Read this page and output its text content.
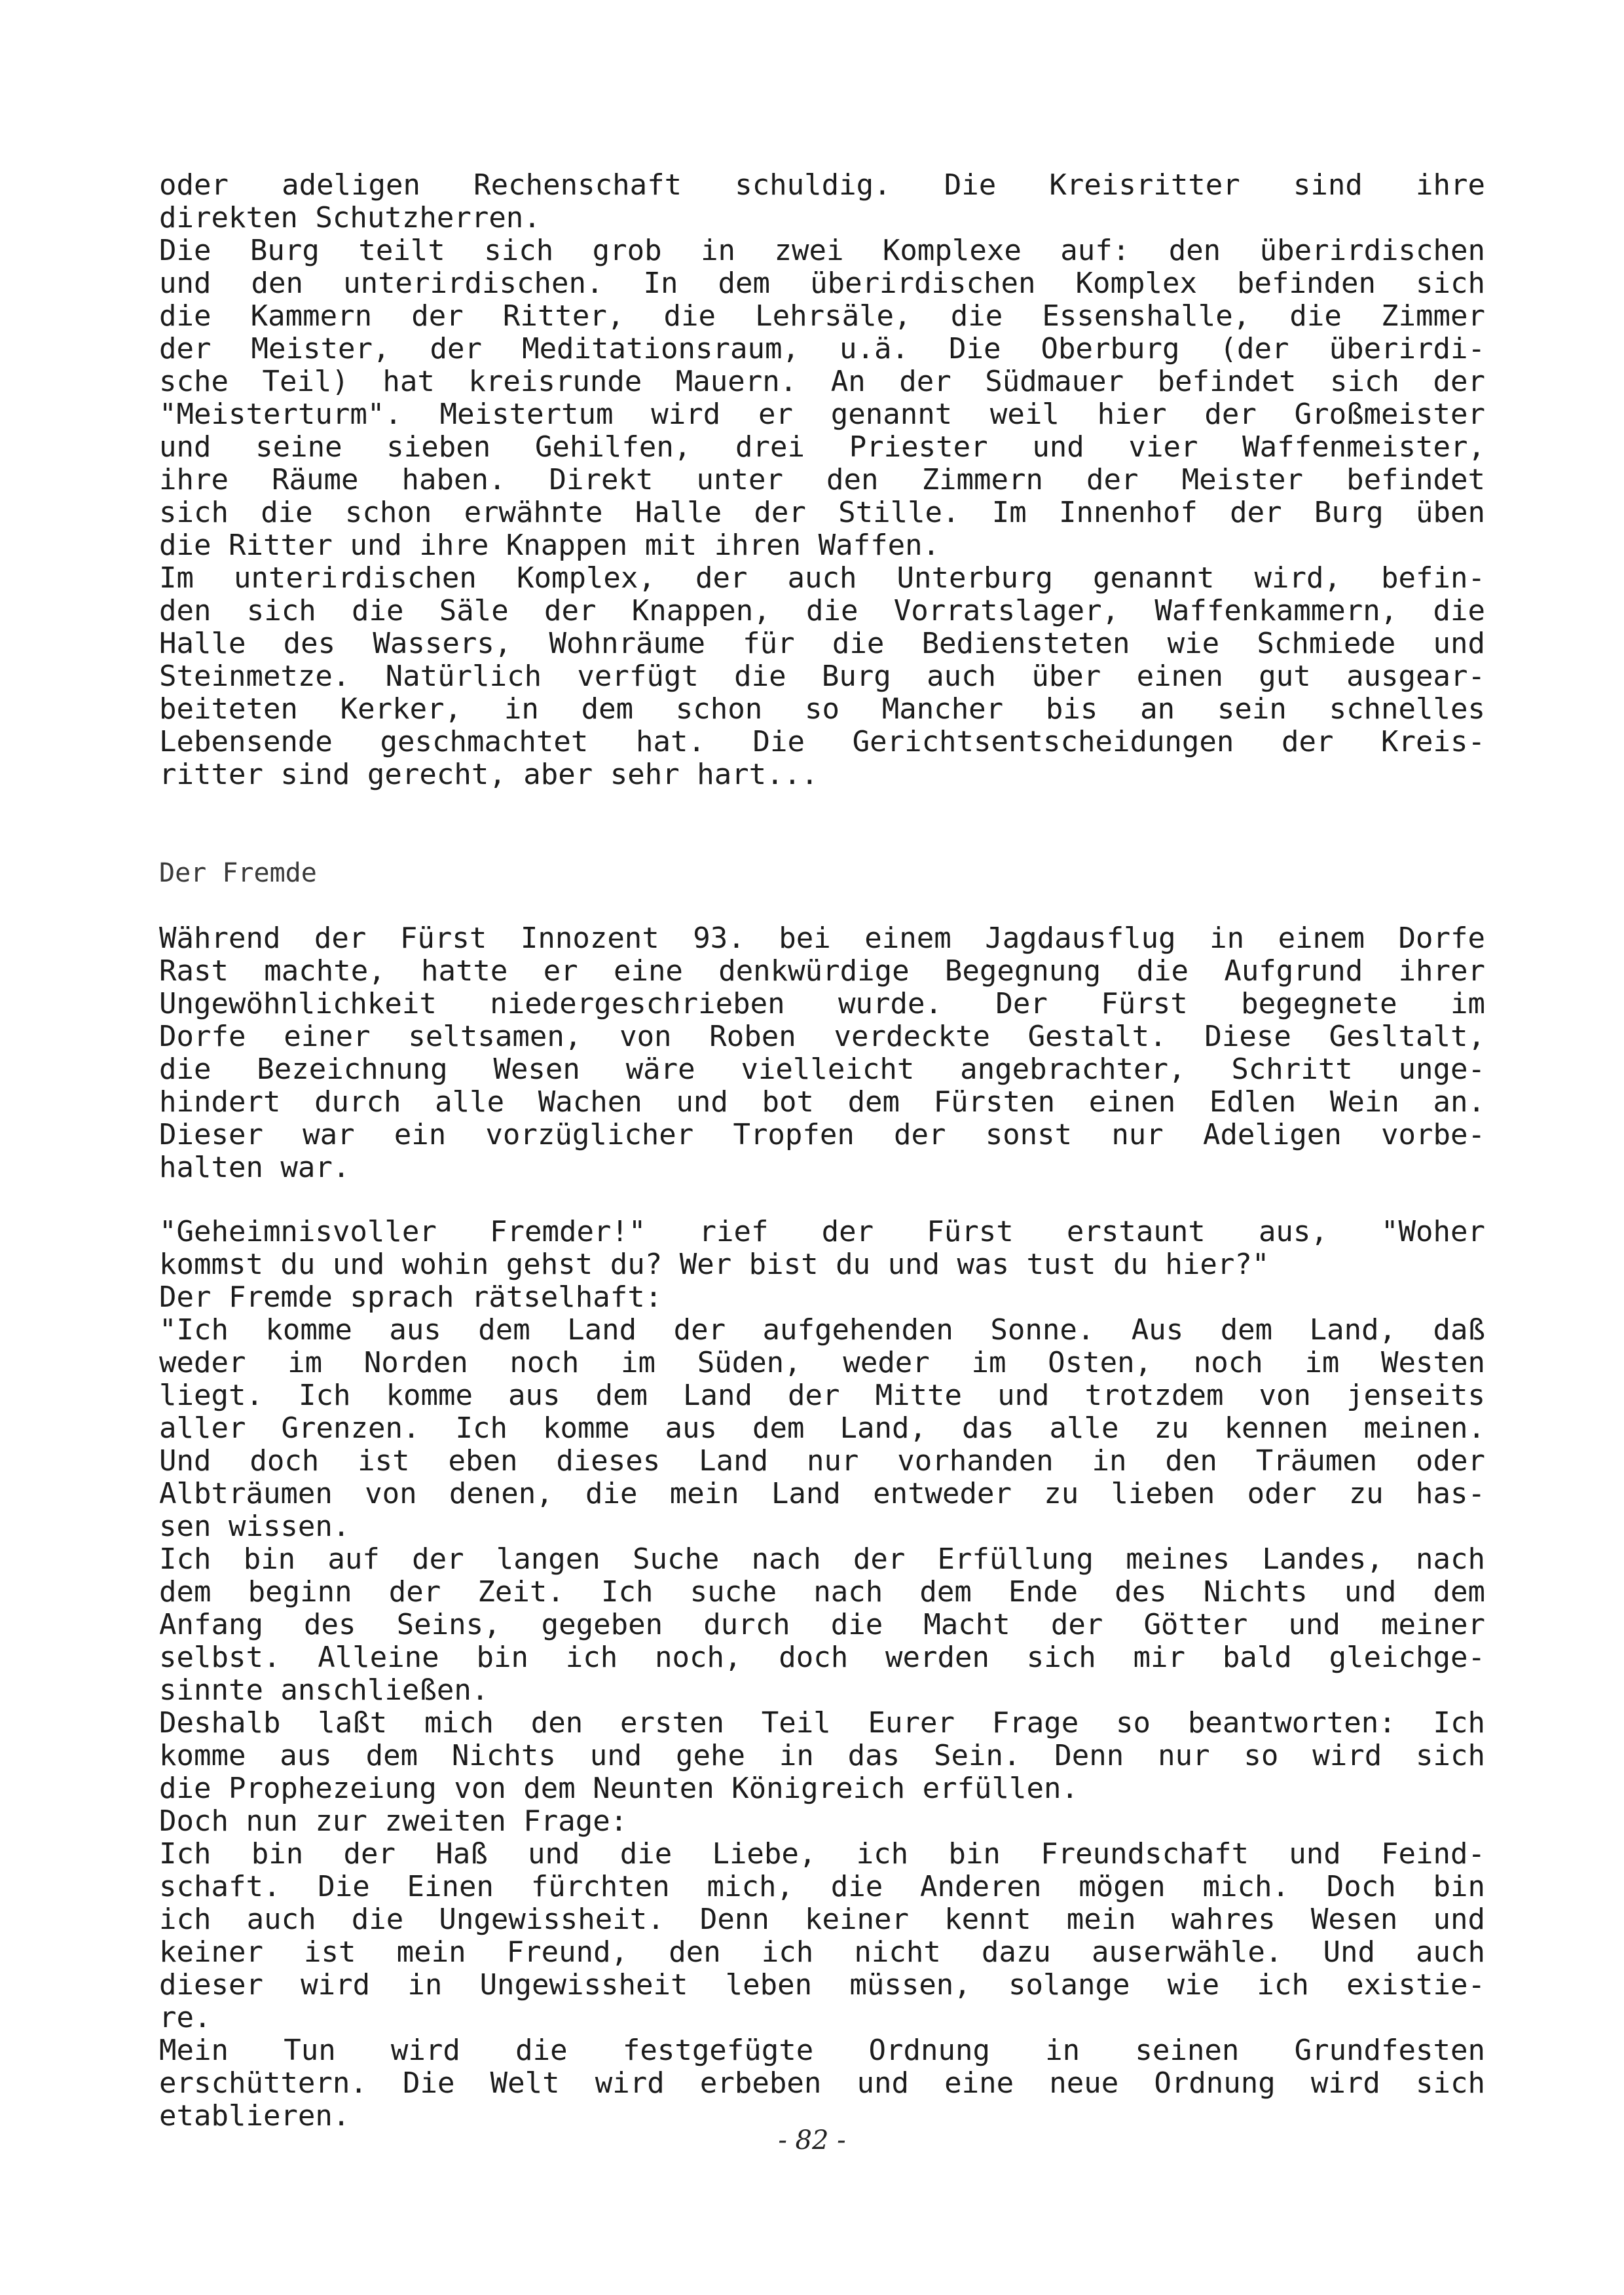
oder adeligen Rechenschaft schuldig. Die Kreisritter sind ihre
direkten Schutzherren.
Die Burg teilt sich grob in zwei Komplexe auf: den überirdischen
und den unterirdischen. In dem überirdischen Komplex befinden sich
die Kammern der Ritter, die Lehrsäle, die Essenshalle, die Zimmer
der Meister, der Meditationsraum, u.ä. Die Oberburg (der überirdi-
sche Teil) hat kreisrunde Mauern. An der Südmauer befindet sich der
"Meisterturm". Meistertum wird er genannt weil hier der Großmeister
und seine sieben Gehilfen, drei Priester und vier Waffenmeister,
ihre Räume haben. Direkt unter den Zimmern der Meister befindet
sich die schon erwähnte Halle der Stille. Im Innenhof der Burg üben
die Ritter und ihre Knappen mit ihren Waffen.
Im unterirdischen Komplex, der auch Unterburg genannt wird, befin-
den sich die Säle der Knappen, die Vorratslager, Waffenkammern, die
Halle des Wassers, Wohnräume für die Bediensteten wie Schmiede und
Steinmetze. Natürlich verfügt die Burg auch über einen gut ausgear-
beiteten Kerker, in dem schon so Mancher bis an sein schnelles
Lebensende geschmachtet hat. Die Gerichtsentscheidungen der Kreis-
ritter sind gerecht, aber sehr hart...
Der Fremde
Während der Fürst Innozent 93. bei einem Jagdausflug in einem Dorfe
Rast machte, hatte er eine denkwürdige Begegnung die Aufgrund ihrer
Ungewöhnlichkeit niedergeschrieben wurde. Der Fürst begegnete im
Dorfe einer seltsamen, von Roben verdeckte Gestalt. Diese Gesltalt,
die Bezeichnung Wesen wäre vielleicht angebrachter, Schritt unge-
hindert durch alle Wachen und bot dem Fürsten einen Edlen Wein an.
Dieser war ein vorzüglicher Tropfen der sonst nur Adeligen vorbe-
halten war.
"Geheimnisvoller Fremder!" rief der Fürst erstaunt aus, "Woher
kommst du und wohin gehst du? Wer bist du und was tust du hier?"
Der Fremde sprach rätselhaft:
"Ich komme aus dem Land der aufgehenden Sonne. Aus dem Land, daß
weder im Norden noch im Süden, weder im Osten, noch im Westen
liegt. Ich komme aus dem Land der Mitte und trotzdem von jenseits
aller Grenzen. Ich komme aus dem Land, das alle zu kennen meinen.
Und doch ist eben dieses Land nur vorhanden in den Träumen oder
Albträumen von denen, die mein Land entweder zu lieben oder zu has-
sen wissen.
Ich bin auf der langen Suche nach der Erfüllung meines Landes, nach
dem beginn der Zeit. Ich suche nach dem Ende des Nichts und dem
Anfang des Seins, gegeben durch die Macht der Götter und meiner
selbst. Alleine bin ich noch, doch werden sich mir bald gleichge-
sinnte anschließen.
Deshalb laßt mich den ersten Teil Eurer Frage so beantworten: Ich
komme aus dem Nichts und gehe in das Sein. Denn nur so wird sich
die Prophezeiung von dem Neunten Königreich erfüllen.
Doch nun zur zweiten Frage:
Ich bin der Haß und die Liebe, ich bin Freundschaft und Feind-
schaft. Die Einen fürchten mich, die Anderen mögen mich. Doch bin
ich auch die Ungewissheit. Denn keiner kennt mein wahres Wesen und
keiner ist mein Freund, den ich nicht dazu auserwähle. Und auch
dieser wird in Ungewissheit leben müssen, solange wie ich existie-
re.
Mein Tun wird die festgefügte Ordnung in seinen Grundfesten
erschüttern. Die Welt wird erbeben und eine neue Ordnung wird sich
etablieren.
- 82 -
